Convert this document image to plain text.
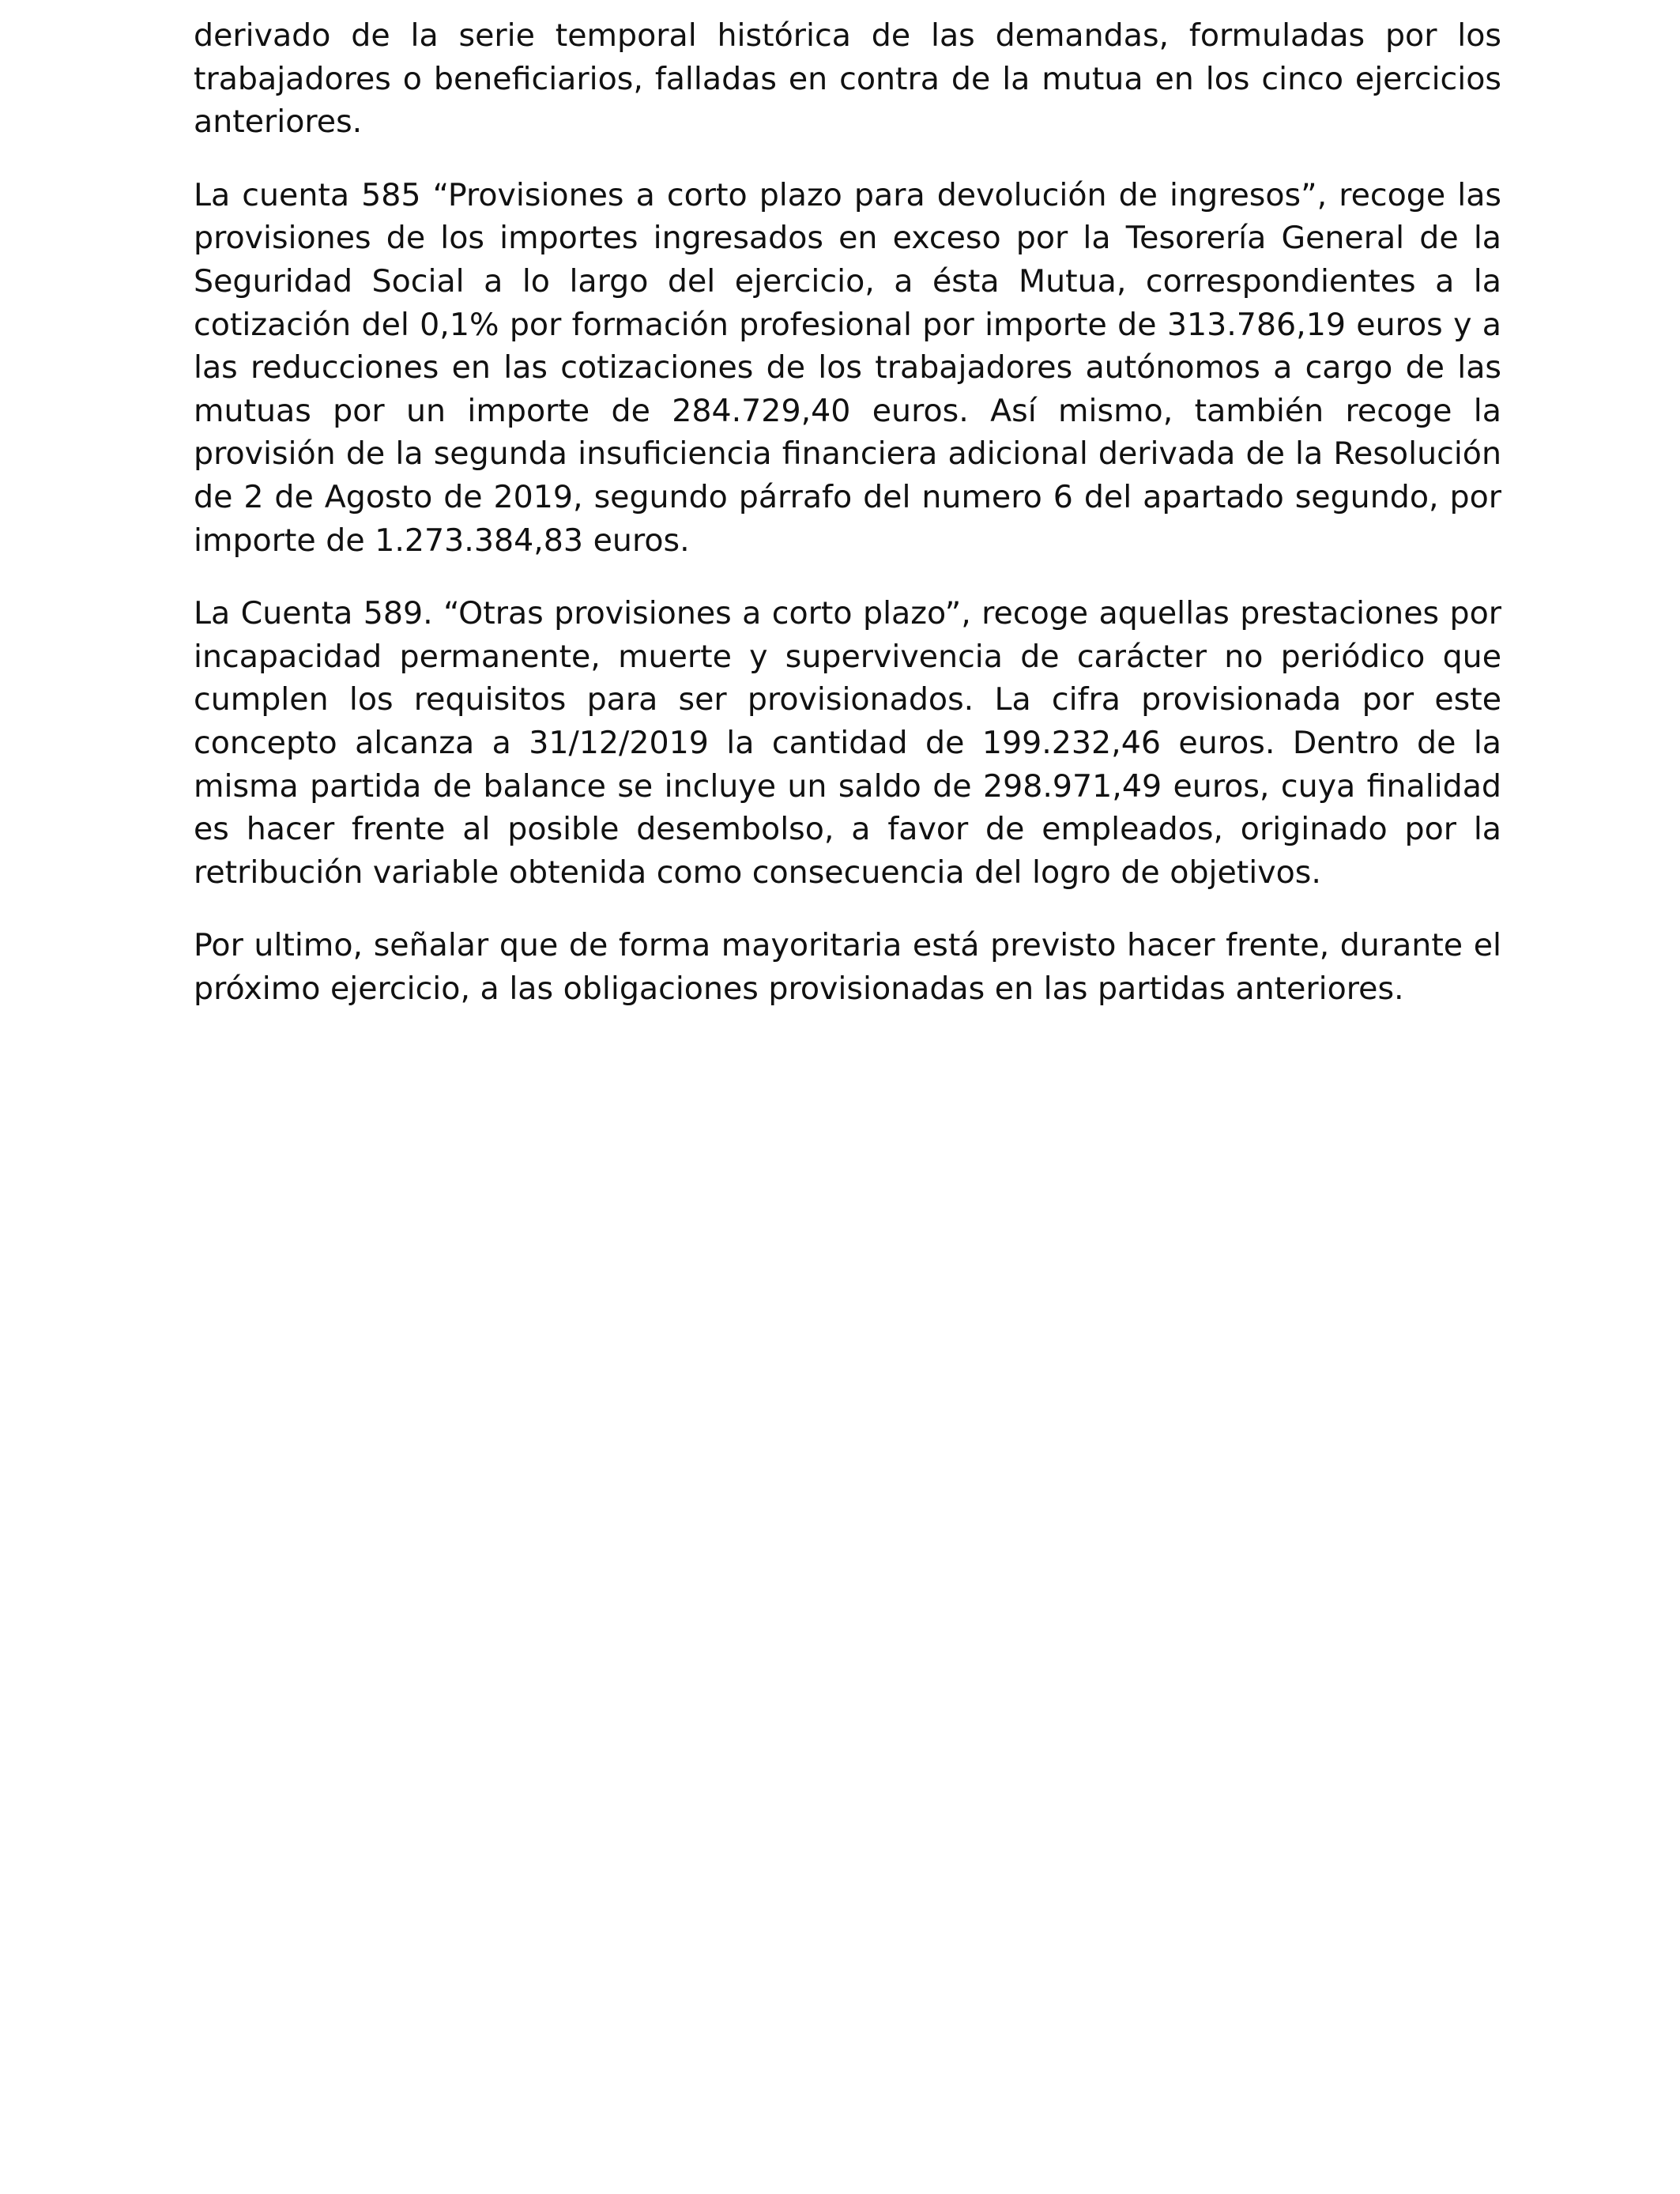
derivado de la serie temporal histórica de las demandas, formuladas por los trabajadores o beneficiarios, falladas en contra de la mutua en los cinco ejercicios anteriores.

La cuenta 585 “Provisiones a corto plazo para devolución de ingresos”, recoge las provisiones de los importes ingresados en exceso por la Tesorería General de la Seguridad Social a lo largo del ejercicio, a ésta Mutua, correspondientes a la cotización del 0,1% por formación profesional por importe de 313.786,19 euros y a las reducciones en las cotizaciones de los trabajadores autónomos a cargo de las mutuas por un importe de 284.729,40 euros. Así mismo, también recoge la provisión de la segunda insuficiencia financiera adicional derivada de la Resolución de 2 de Agosto de 2019, segundo párrafo del numero 6 del apartado segundo, por importe de 1.273.384,83 euros.

La Cuenta 589. “Otras provisiones a corto plazo”, recoge aquellas prestaciones por incapacidad permanente, muerte y supervivencia de carácter no periódico que cumplen los requisitos para ser provisionados. La cifra provisionada por este concepto alcanza a 31/12/2019 la cantidad de 199.232,46 euros. Dentro de la misma partida de balance se incluye un saldo de 298.971,49 euros, cuya finalidad es hacer frente al posible desembolso, a favor de empleados, originado por la retribución variable obtenida como consecuencia del logro de objetivos.

Por ultimo, señalar que de forma mayoritaria está previsto hacer frente, durante el próximo ejercicio, a las obligaciones provisionadas en las partidas anteriores.
